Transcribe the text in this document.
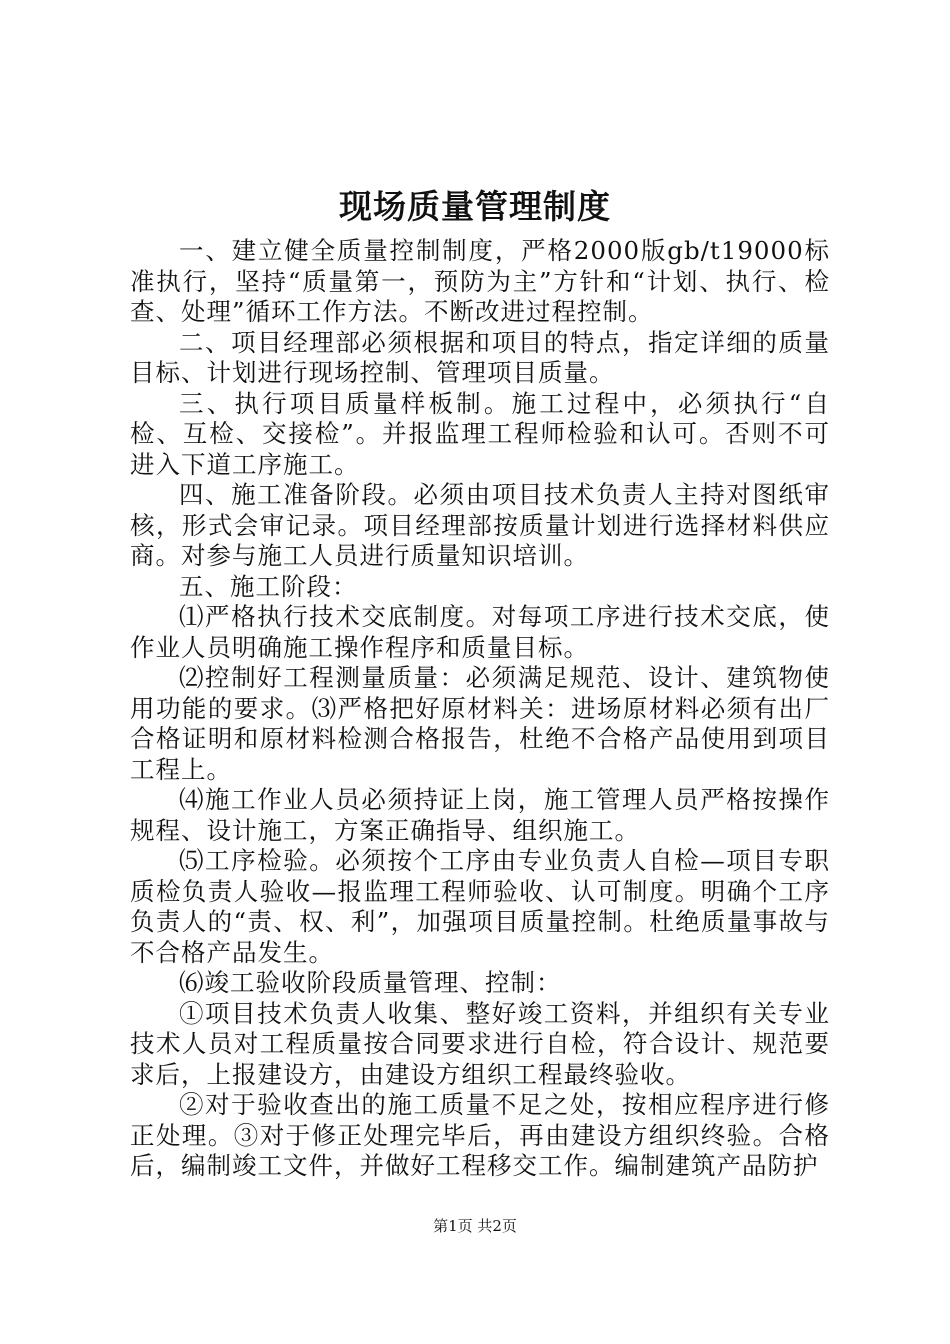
现场质量管理制度

一、建立健全质量控制制度，严格2000版gb/t19000标准执行，坚持“质量第一，预防为主”方针和“计划、执行、检查、处理”循环工作方法。不断改进过程控制。

二、项目经理部必须根据和项目的特点，指定详细的质量目标、计划进行现场控制、管理项目质量。

三、执行项目质量样板制。施工过程中，必须执行“自检、互检、交接检”。并报监理工程师检验和认可。否则不可进入下道工序施工。

四、施工准备阶段。必须由项目技术负责人主持对图纸审核，形式会审记录。项目经理部按质量计划进行选择材料供应商。对参与施工人员进行质量知识培训。

五、施工阶段：

⑴严格执行技术交底制度。对每项工序进行技术交底，使作业人员明确施工操作程序和质量目标。

⑵控制好工程测量质量：必须满足规范、设计、建筑物使用功能的要求。⑶严格把好原材料关：进场原材料必须有出厂合格证明和原材料检测合格报告，杜绝不合格产品使用到项目工程上。

⑷施工作业人员必须持证上岗，施工管理人员严格按操作规程、设计施工，方案正确指导、组织施工。

⑸工序检验。必须按个工序由专业负责人自检—项目专职质检负责人验收—报监理工程师验收、认可制度。明确个工序负责人的“责、权、利”，加强项目质量控制。杜绝质量事故与不合格产品发生。

⑹竣工验收阶段质量管理、控制：

①项目技术负责人收集、整好竣工资料，并组织有关专业技术人员对工程质量按合同要求进行自检，符合设计、规范要求后，上报建设方，由建设方组织工程最终验收。

②对于验收查出的施工质量不足之处，按相应程序进行修正处理。③对于修正处理完毕后，再由建设方组织终验。合格后，编制竣工文件，并做好工程移交工作。编制建筑产品防护

第1页 共2页
